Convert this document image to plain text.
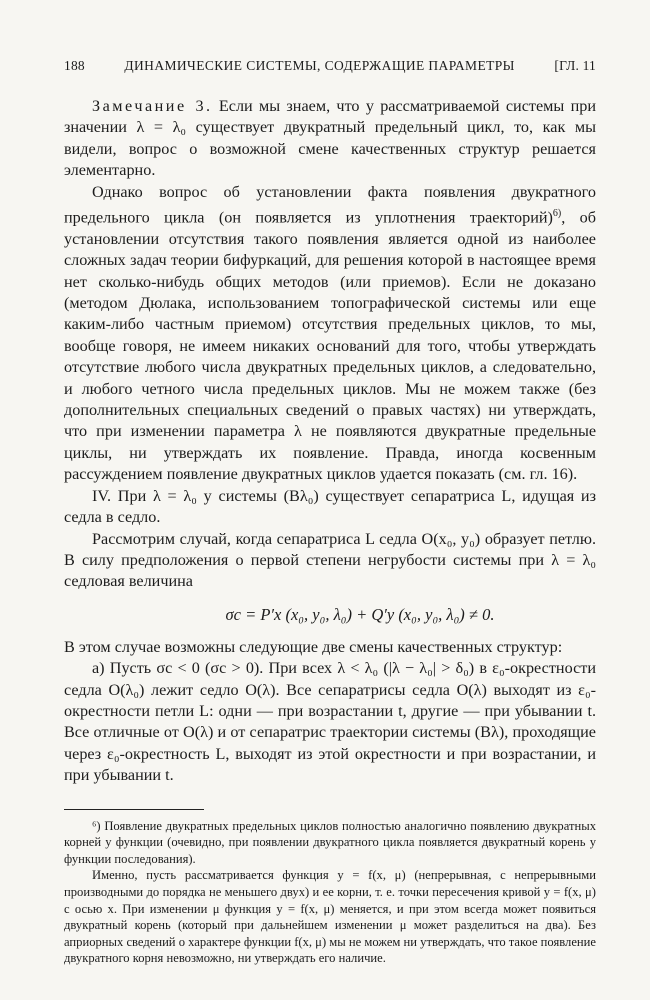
188	ДИНАМИЧЕСКИЕ СИСТЕМЫ, СОДЕРЖАЩИЕ ПАРАМЕТРЫ	[ГЛ. 11

Замечание 3. Если мы знаем, что у рассматриваемой системы при значении λ = λ₀ существует двукратный предельный цикл, то, как мы видели, вопрос о возможной смене качественных структур решается элементарно.

Однако вопрос об установлении факта появления двукратного предельного цикла (он появляется из уплотнения траекторий)$^{6)}$, об установлении отсутствия такого появления является одной из наиболее сложных задач теории бифуркаций, для решения которой в настоящее время нет сколько-нибудь общих методов (или приемов). Если не доказано (методом Дюлака, использованием топографической системы или еще каким-либо частным приемом) отсутствия предельных циклов, то мы, вообще говоря, не имеем никаких оснований для того, чтобы утверждать отсутствие любого числа двукратных предельных циклов, а следовательно, и любого четного числа предельных циклов. Мы не можем также (без дополнительных специальных сведений о правых частях) ни утверждать, что при изменении параметра λ не появляются двукратные предельные циклы, ни утверждать их появление. Правда, иногда косвенным рассуждением появление двукратных циклов удается показать (см. гл. 16).

IV. При λ = λ₀ у системы (Bλ₀) существует сепаратриса L, идущая из седла в седло.

Рассмотрим случай, когда сепаратриса L седла O(x₀, y₀) образует петлю. В силу предположения о первой степени негрубости системы при λ = λ₀ седловая величина

σc = P′x (x₀, y₀, λ₀) + Q′y (x₀, y₀, λ₀) ≠ 0.

В этом случае возможны следующие две смены качественных структур:

а) Пусть σc < 0 (σc > 0). При всех λ < λ₀ (|λ − λ₀| > δ₀) в ε₀-окрестности седла O(λ₀) лежит седло O(λ). Все сепаратрисы седла O(λ) выходят из ε₀-окрестности петли L: одни — при возрастании t, другие — при убывании t. Все отличные от O(λ) и от сепаратрис траектории системы (Bλ), проходящие через ε₀-окрестность L, выходят из этой окрестности и при возрастании, и при убывании t.

⁶) Появление двукратных предельных циклов полностью аналогично появлению двукратных корней у функции (очевидно, при появлении двукратного цикла появляется двукратный корень у функции последования).

Именно, пусть рассматривается функция y = f(x, μ) (непрерывная, с непрерывными производными до порядка не меньшего двух) и ее корни, т. е. точки пересечения кривой y = f(x, μ) с осью x. При изменении μ функция y = f(x, μ) меняется, и при этом всегда может появиться двукратный корень (который при дальнейшем изменении μ может разделиться на два). Без априорных сведений о характере функции f(x, μ) мы не можем ни утверждать, что такое появление двукратного корня невозможно, ни утверждать его наличие.
